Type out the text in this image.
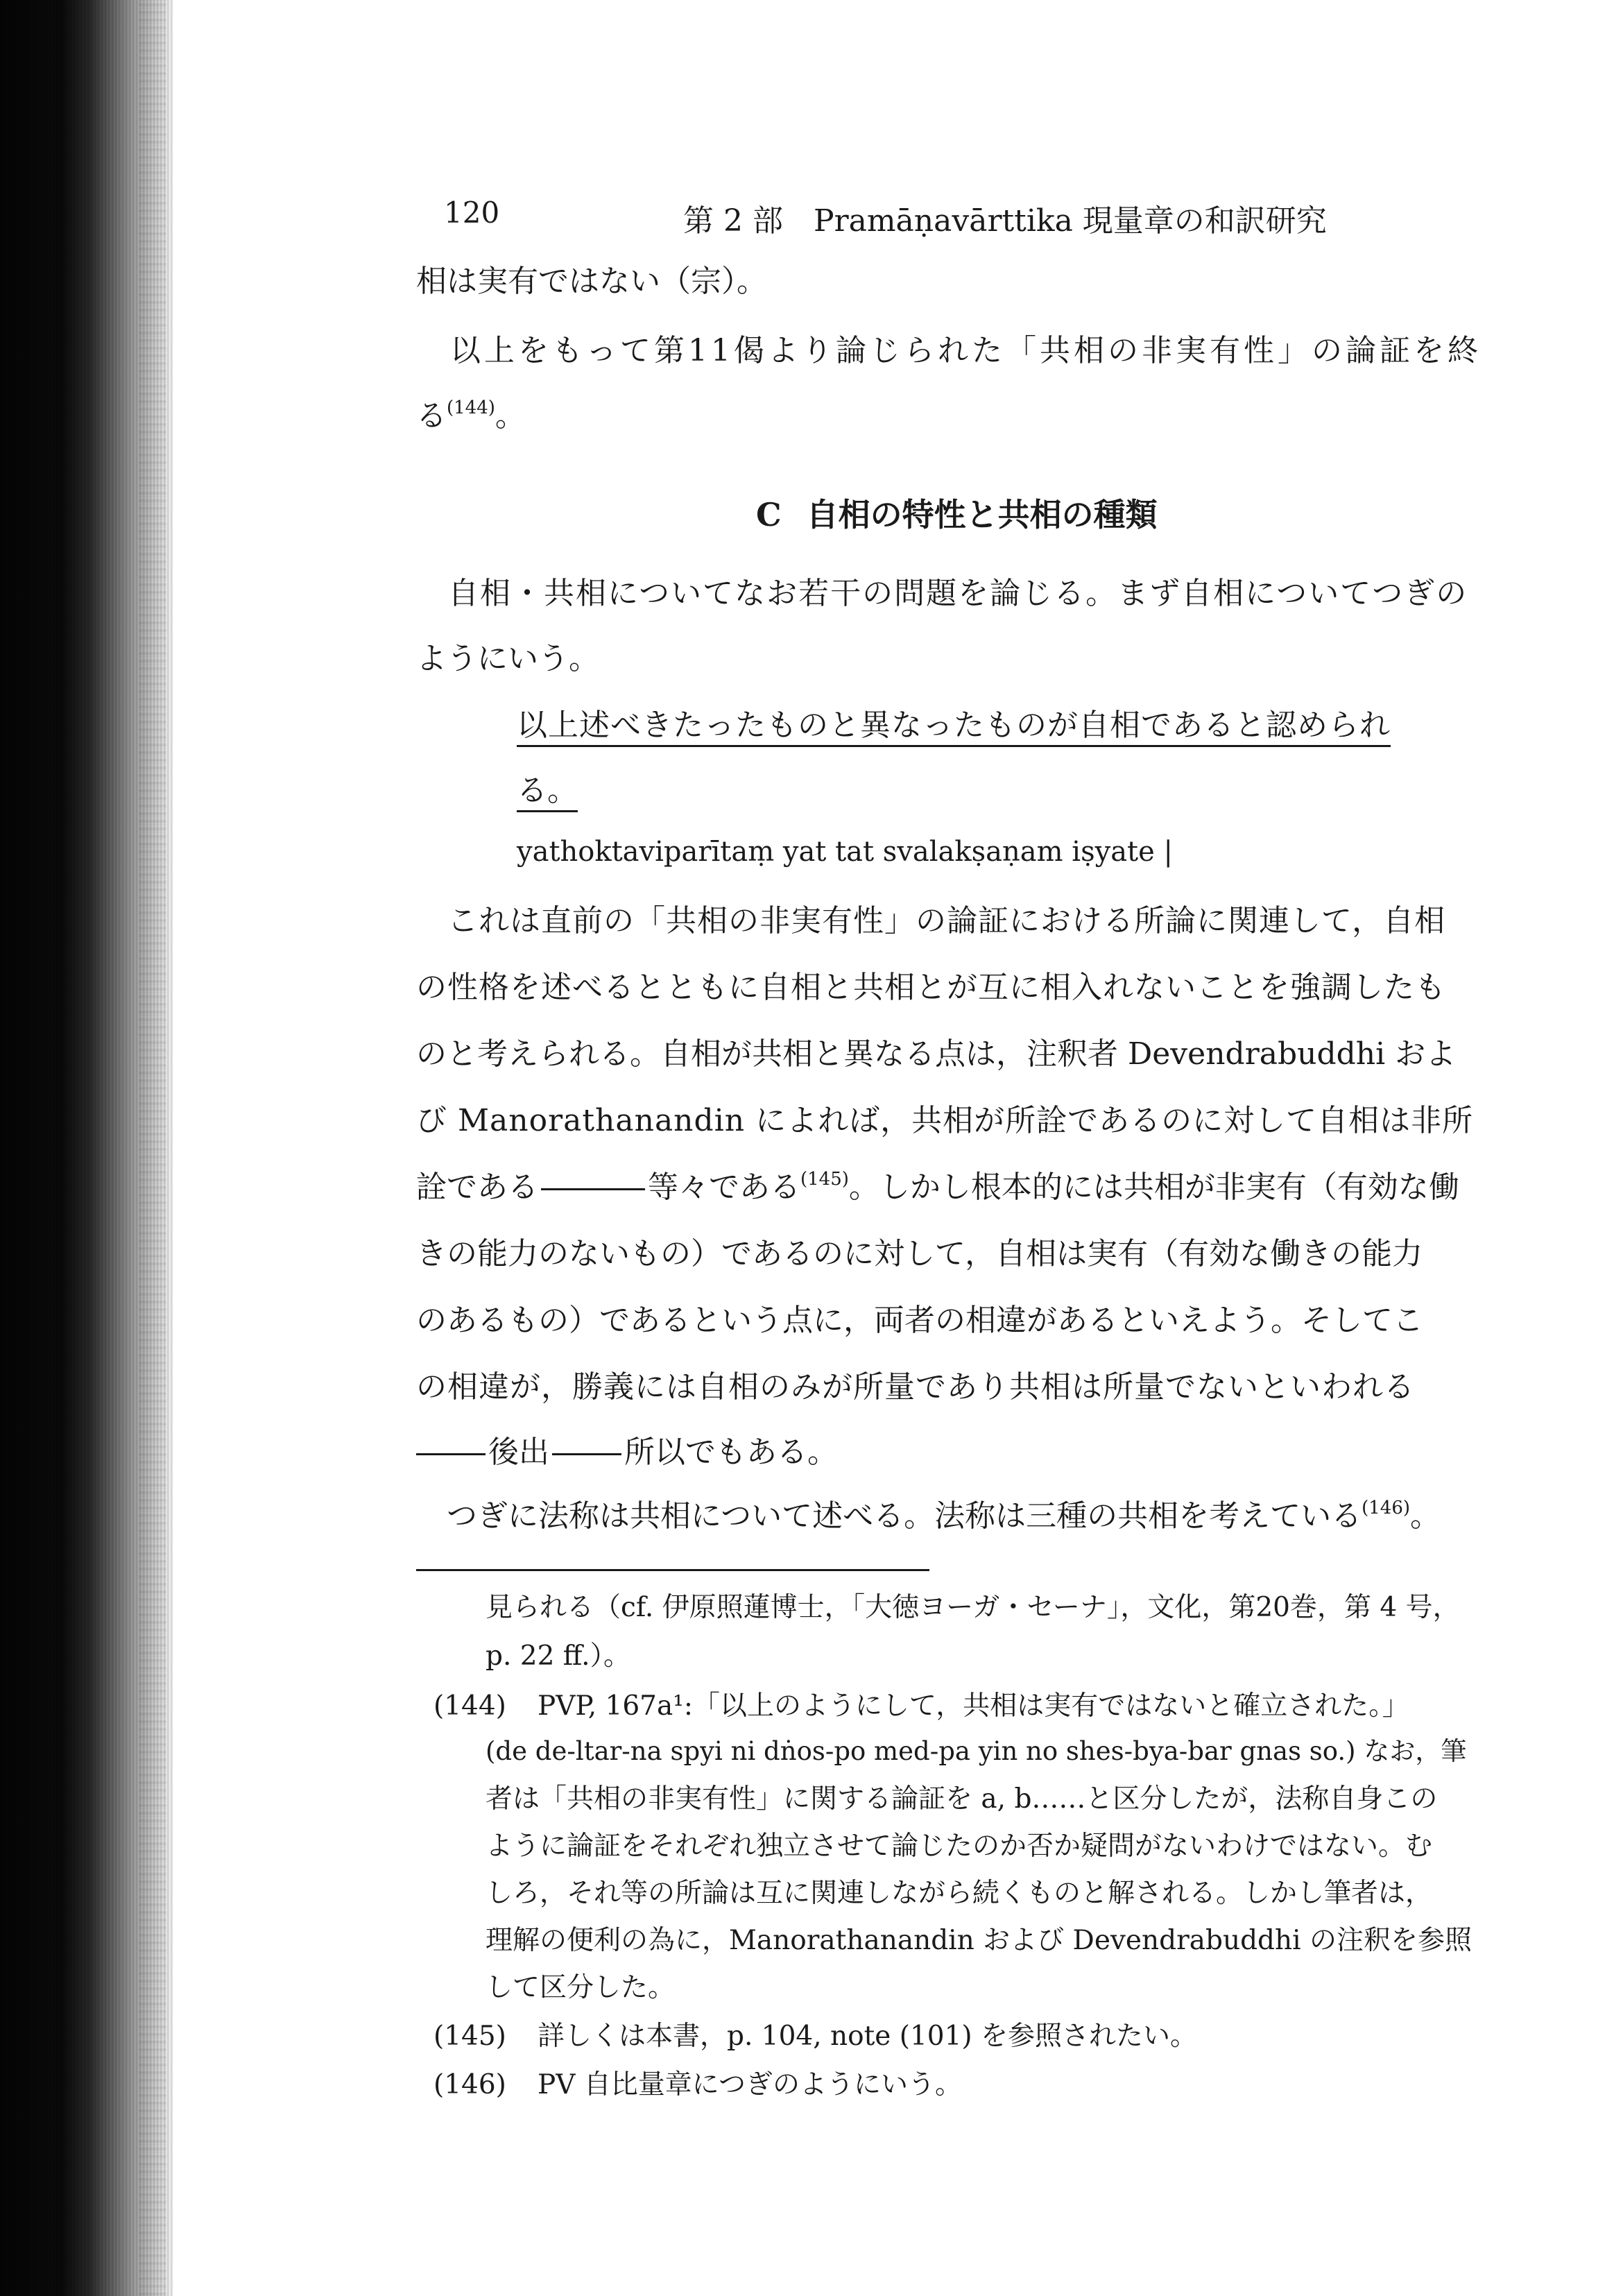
120	第 2 部　Pramāṇavārttika 現量章の和訳研究
相は実有ではない（宗）。
　以上をもって第11偈より論じられた「共相の非実有性」の論証を終
る$^{(144)}$。
C 自相の特性と共相の種類
　自相・共相についてなお若干の問題を論じる。まず自相についてつぎの
ようにいう。
以上述べきたったものと異なったものが自相であると認められ
る。
yathoktaviparītaṃ yat tat svalakṣaṇam iṣyate |
　これは直前の「共相の非実有性」の論証における所論に関連して，自相
の性格を述べるとともに自相と共相とが互に相入れないことを強調したも
のと考えられる。自相が共相と異なる点は，注釈者 Devendrabuddhi およ
び Manorathanandin によれば，共相が所詮であるのに対して自相は非所
詮である	等々である$^{(145)}$。しかし根本的には共相が非実有（有効な働
きの能力のないもの）であるのに対して，自相は実有（有効な働きの能力
のあるもの）であるという点に，両者の相違があるといえよう。そしてこ
の相違が，勝義には自相のみが所量であり共相は所量でないといわれる
後出 所以でもある。
　つぎに法称は共相について述べる。法称は三種の共相を考えている$^{(146)}$。
見られる（cf. 伊原照蓮博士，「大徳ヨーガ・セーナ」，文化，第20巻，第 4 号，
p. 22 ff.）。
(144) PVP, 167a¹:「以上のようにして，共相は実有ではないと確立された。」
(de de-ltar-na spyi ni dṅos-po med-pa yin no shes-bya-bar gnas so.) なお，筆
者は「共相の非実有性」に関する論証を a, b……と区分したが，法称自身この
ように論証をそれぞれ独立させて論じたのか否か疑問がないわけではない。む
しろ，それ等の所論は互に関連しながら続くものと解される。しかし筆者は，
理解の便利の為に，Manorathanandin および Devendrabuddhi の注釈を参照
して区分した。
(145) 詳しくは本書，p. 104, note (101) を参照されたい。
(146) PV 自比量章につぎのようにいう。
